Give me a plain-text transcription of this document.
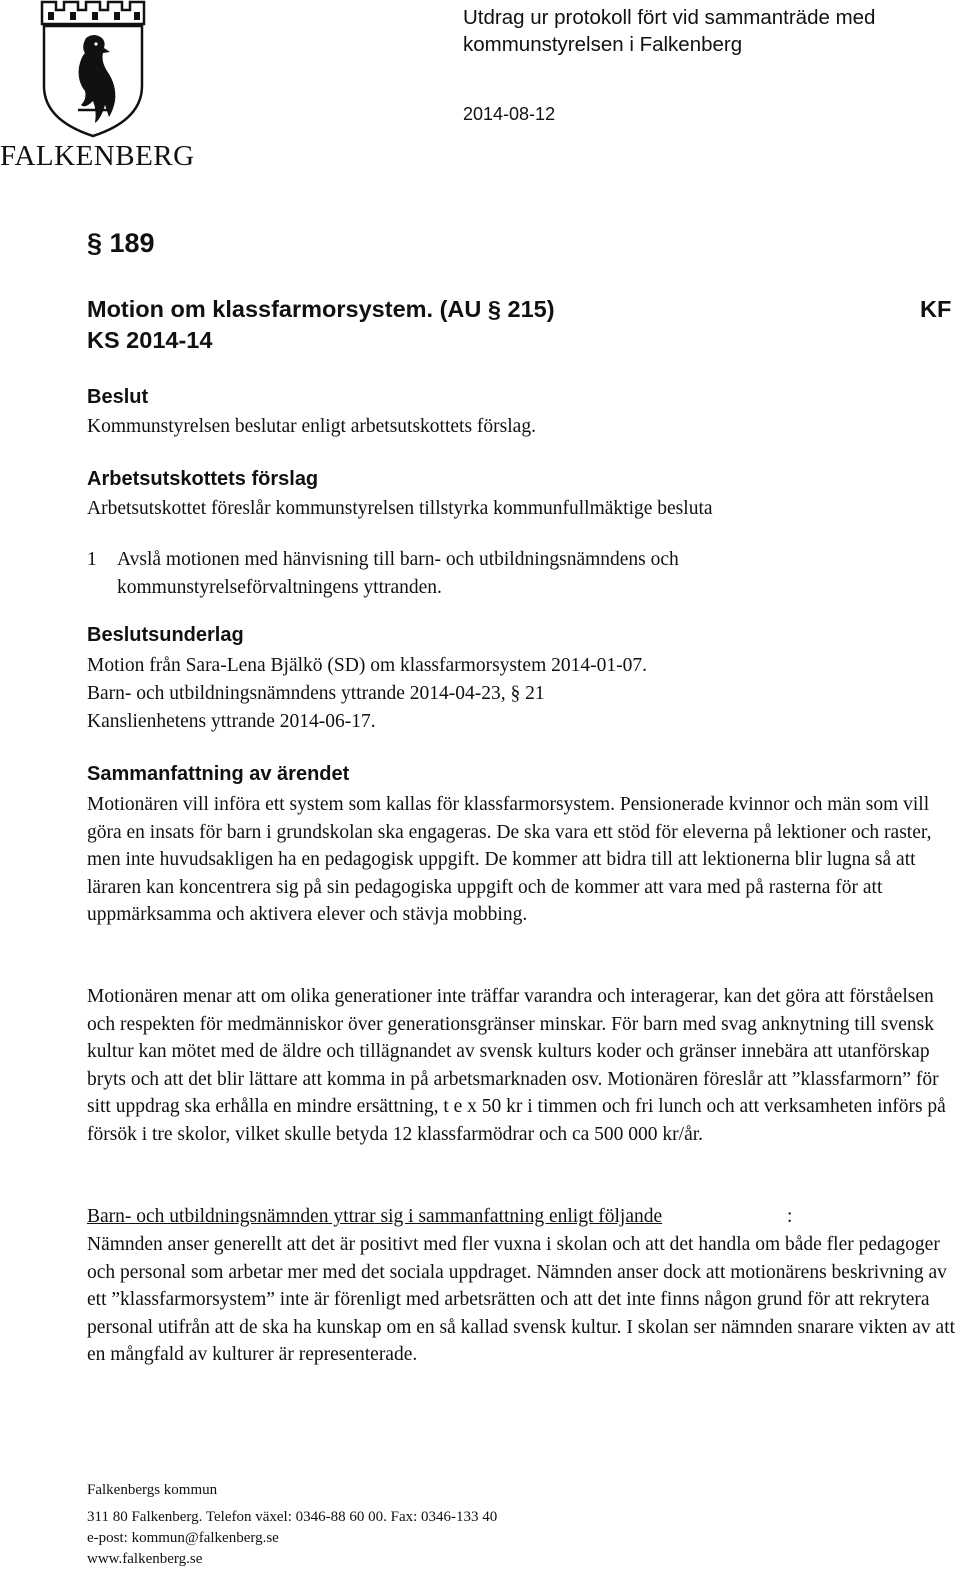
FALKENBERG
Utdrag ur protokoll fört vid sammanträde med
kommunstyrelsen i Falkenberg
2014-08-12
§ 189
Motion om klassfarmorsystem. (AU § 215)
KS 2014-14
KF
Beslut
Kommunstyrelsen beslutar enligt arbetsutskottets förslag.
Arbetsutskottets förslag
Arbetsutskottet föreslår kommunstyrelsen tillstyrka kommunfullmäktige besluta
1 Avslå motionen med hänvisning till barn- och utbildningsnämndens och kommunstyrelseförvaltningens yttranden.
Beslutsunderlag
Motion från Sara-Lena Bjälkö (SD) om klassfarmorsystem 2014-01-07.
Barn- och utbildningsnämndens yttrande 2014-04-23, § 21
Kanslienhetens yttrande 2014-06-17.
Sammanfattning av ärendet
Motionären vill införa ett system som kallas för klassfarmorsystem. Pensionerade kvinnor och män som vill göra en insats för barn i grundskolan ska engageras. De ska vara ett stöd för eleverna på lektioner och raster, men inte huvudsakligen ha en pedagogisk uppgift. De kommer att bidra till att lektionerna blir lugna så att läraren kan koncentrera sig på sin pedagogiska uppgift och de kommer att vara med på rasterna för att uppmärksamma och aktivera elever och stävja mobbing.
Motionären menar att om olika generationer inte träffar varandra och interagerar, kan det göra att förståelsen och respekten för medmänniskor över generationsgränser minskar. För barn med svag anknytning till svensk kultur kan mötet med de äldre och tillägnandet av svensk kulturs koder och gränser innebära att utanförskap bryts och att det blir lättare att komma in på arbetsmarknaden osv. Motionären föreslår att ”klassfarmorn” för sitt uppdrag ska erhålla en mindre ersättning, t e x 50 kr i timmen och fri lunch och att verksamheten införs på försök i tre skolor, vilket skulle betyda 12 klassfarmödrar och ca 500 000 kr/år.
Barn- och utbildningsnämnden yttrar sig i sammanfattning enligt följande	:
Nämnden anser generellt att det är positivt med fler vuxna i skolan och att det handla om både fler pedagoger och personal som arbetar mer med det sociala uppdraget. Nämnden anser dock att motionärens beskrivning av ett ”klassfarmorsystem” inte är förenligt med arbetsrätten och att det inte finns någon grund för att rekrytera personal utifrån att de ska ha kunskap om en så kallad svensk kultur. I skolan ser nämnden snarare vikten av att en mångfald av kulturer är representerade.
Falkenbergs kommun
311 80 Falkenberg. Telefon växel: 0346-88 60 00. Fax: 0346-133 40
e-post: kommun@falkenberg.se
www.falkenberg.se
